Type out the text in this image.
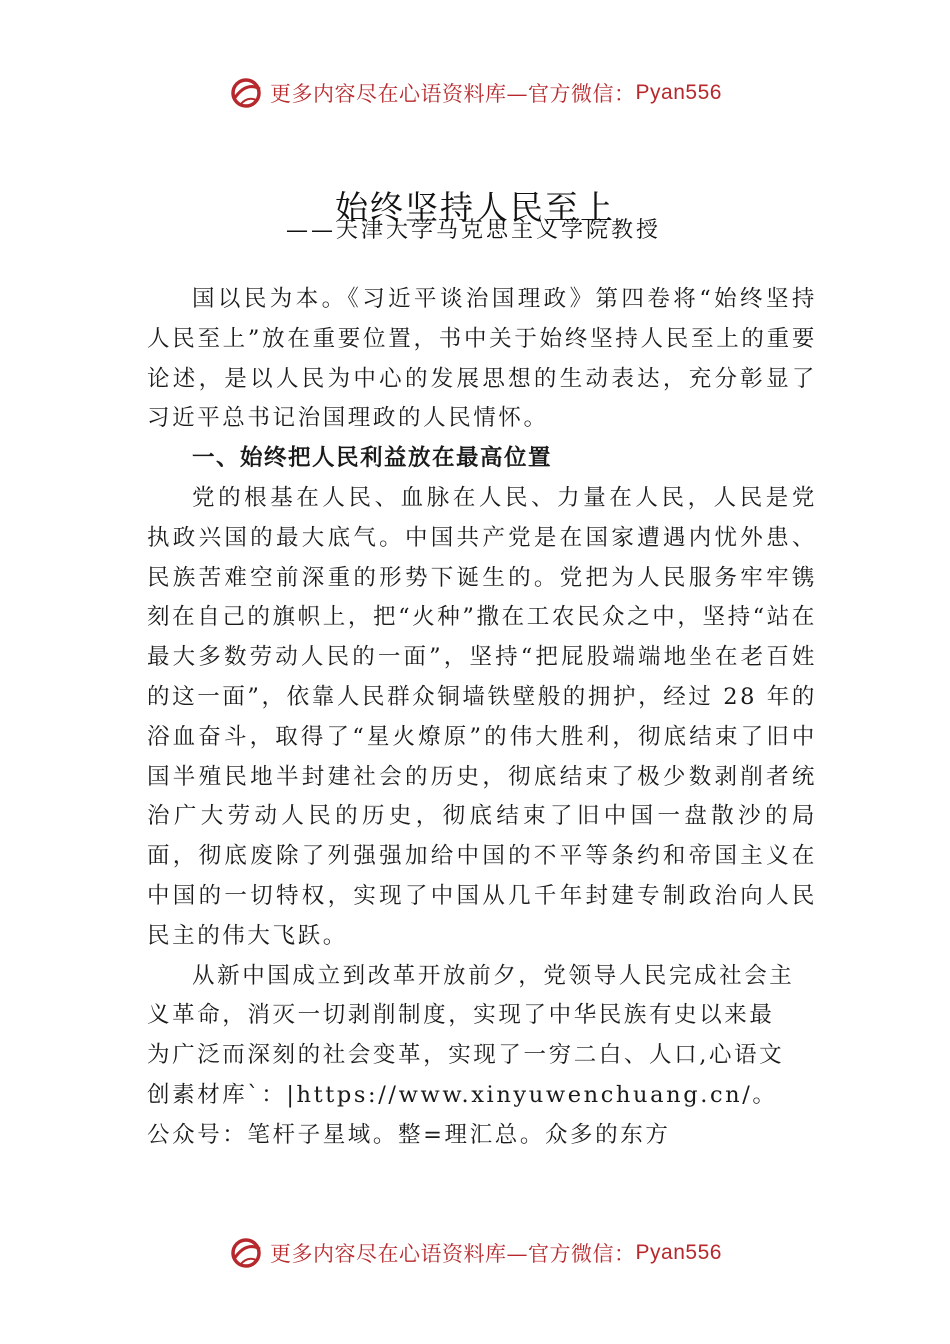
更多内容尽在心语资料库—官方微信： Pyan556
始终坚持人民至上
——天津大学马克思主义学院教授

国以民为本。《习近平谈治国理政》第四卷将“始终坚持人民至上”放在重要位置，书中关于始终坚持人民至上的重要论述，是以人民为中心的发展思想的生动表达，充分彰显了习近平总书记治国理政的人民情怀。

一、始终把人民利益放在最高位置

党的根基在人民、血脉在人民、力量在人民，人民是党执政兴国的最大底气。中国共产党是在国家遭遇内忧外患、 民族苦难空前深重的形势下诞生的。党把为人民服务牢牢镌刻在自己的旗帜上，把“火种”撒在工农民众之中，坚持“站在最大多数劳动人民的一面”，坚持“把屁股端端地坐在老百姓的这一面”，依靠人民群众铜墙铁壁般的拥护，经过 28 年的浴血奋斗，取得了“星火燎原”的伟大胜利，彻底结束了旧中国半殖民地半封建社会的历史，彻底结束了极少数剥削者统治广大劳动人民的历史，彻底结束了旧中国一盘散沙的局面，彻底废除了列强强加给中国的不平等条约和帝国主义在中国的一切特权，实现了中国从几千年封建专制政治向人民民主的伟大飞跃。

从新中国成立到改革开放前夕，党领导人民完成社会主义革命，消灭一切剥削制度，实现了中华民族有史以来最为广泛而深刻的社会变革，实现了一穷二白、人口,心语文创素材库`：|https://www.xinyuwenchuang.cn/。公众号：笔杆子星域。整=理汇总。众多的东方

更多内容尽在心语资料库—官方微信： Pyan556
